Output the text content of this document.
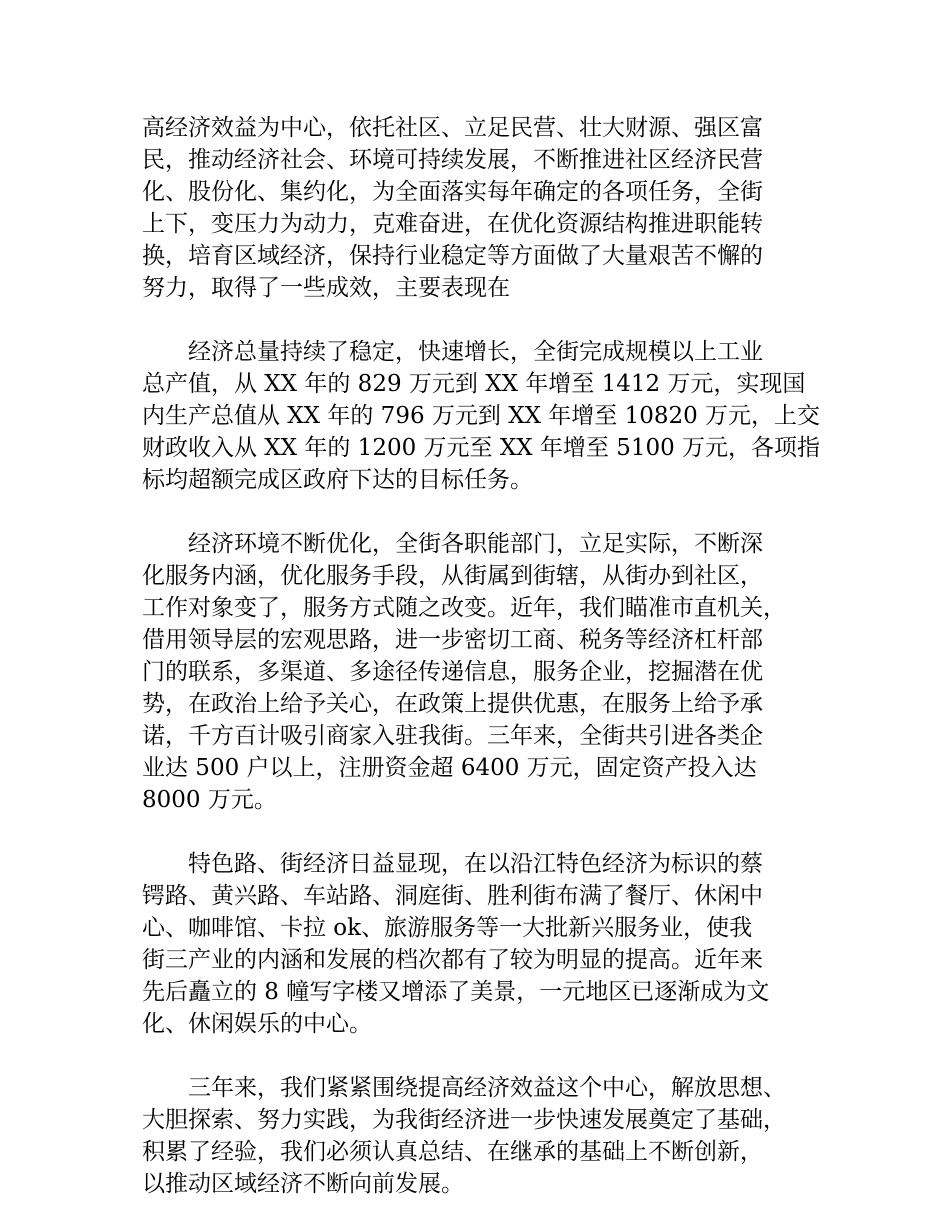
高经济效益为中心，依托社区、立足民营、壮大财源、强区富
民，推动经济社会、环境可持续发展，不断推进社区经济民营
化、股份化、集约化，为全面落实每年确定的各项任务，全街
上下，变压力为动力，克难奋进，在优化资源结构推进职能转
换，培育区域经济，保持行业稳定等方面做了大量艰苦不懈的
努力，取得了一些成效，主要表现在

　　经济总量持续了稳定，快速增长，全街完成规模以上工业
总产值，从 XX 年的 829 万元到 XX 年增至 1412 万元，实现国
内生产总值从 XX 年的 796 万元到 XX 年增至 10820 万元，上交
财政收入从 XX 年的 1200 万元至 XX 年增至 5100 万元，各项指
标均超额完成区政府下达的目标任务。

　　经济环境不断优化，全街各职能部门，立足实际，不断深
化服务内涵，优化服务手段，从街属到街辖，从街办到社区，
工作对象变了，服务方式随之改变。近年，我们瞄准市直机关，
借用领导层的宏观思路，进一步密切工商、税务等经济杠杆部
门的联系，多渠道、多途径传递信息，服务企业，挖掘潜在优
势，在政治上给予关心，在政策上提供优惠，在服务上给予承
诺，千方百计吸引商家入驻我街。三年来，全街共引进各类企
业达 500 户以上，注册资金超 6400 万元，固定资产投入达
8000 万元。

　　特色路、街经济日益显现，在以沿江特色经济为标识的蔡
锷路、黄兴路、车站路、洞庭街、胜利街布满了餐厅、休闲中
心、咖啡馆、卡拉 ok、旅游服务等一大批新兴服务业，使我
街三产业的内涵和发展的档次都有了较为明显的提高。近年来
先后矗立的 8 幢写字楼又增添了美景，一元地区已逐渐成为文
化、休闲娱乐的中心。

　　三年来，我们紧紧围绕提高经济效益这个中心，解放思想、
大胆探索、努力实践，为我街经济进一步快速发展奠定了基础，
积累了经验，我们必须认真总结、在继承的基础上不断创新，
以推动区域经济不断向前发展。
